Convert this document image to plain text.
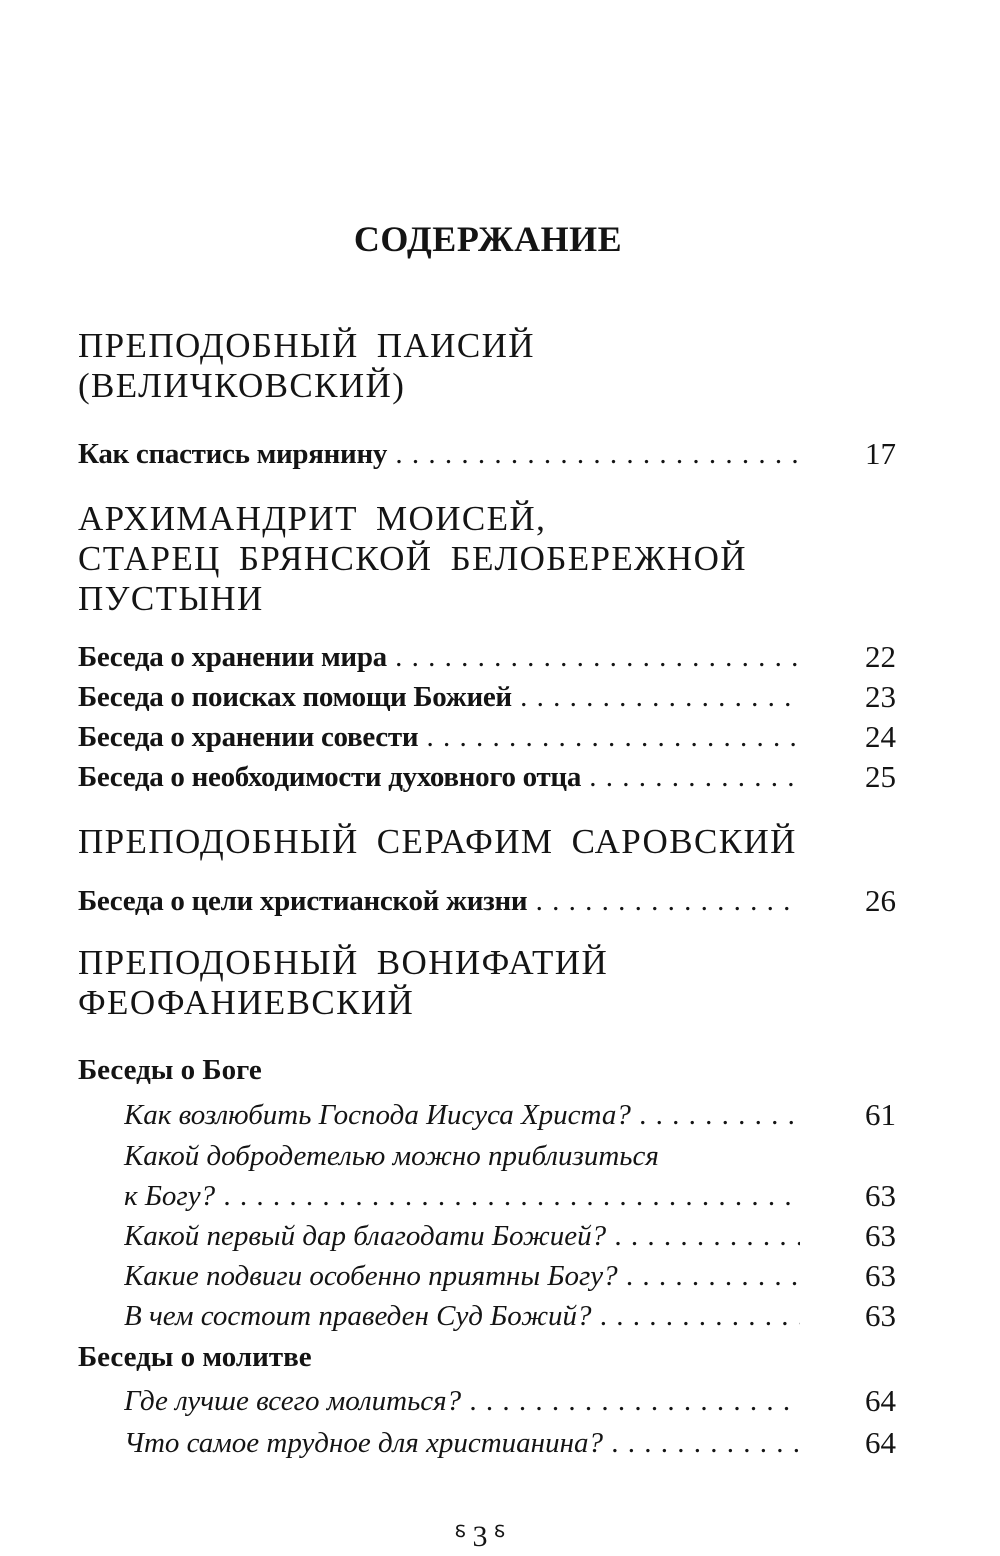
СОДЕРЖАНИЕ
ПРЕПОДОБНЫЙ ПАИСИЙ
(ВЕЛИЧКОВСКИЙ)
Как спастись мирянину . . .	17
АРХИМАНДРИТ МОИСЕЙ,
СТАРЕЦ БРЯНСКОЙ БЕЛОБЕРЕЖНОЙ
ПУСТЫНИ
Беседа о хранении мира . . .	22
Беседа о поисках помощи Божией . . .	23
Беседа о хранении совести . . .	24
Беседа о необходимости духовного отца . . .	25
ПРЕПОДОБНЫЙ СЕРАФИМ САРОВСКИЙ
Беседа о цели христианской жизни . . .	26
ПРЕПОДОБНЫЙ ВОНИФАТИЙ
ФЕОФАНИЕВСКИЙ
Беседы о Боге
Как возлюбить Господа Иисуса Христа? . . .	61
Какой добродетелью можно приблизиться
к Богу? . . .	63
Какой первый дар благодати Божией? . . .	63
Какие подвиги особенно приятны Богу? . . .	63
В чем состоит праведен Суд Божий? . . .	63
Беседы о молитве
Где лучше всего молиться? . . .	64
Что самое трудное для христианина? . . .	64
⸹ 3 ⸹
